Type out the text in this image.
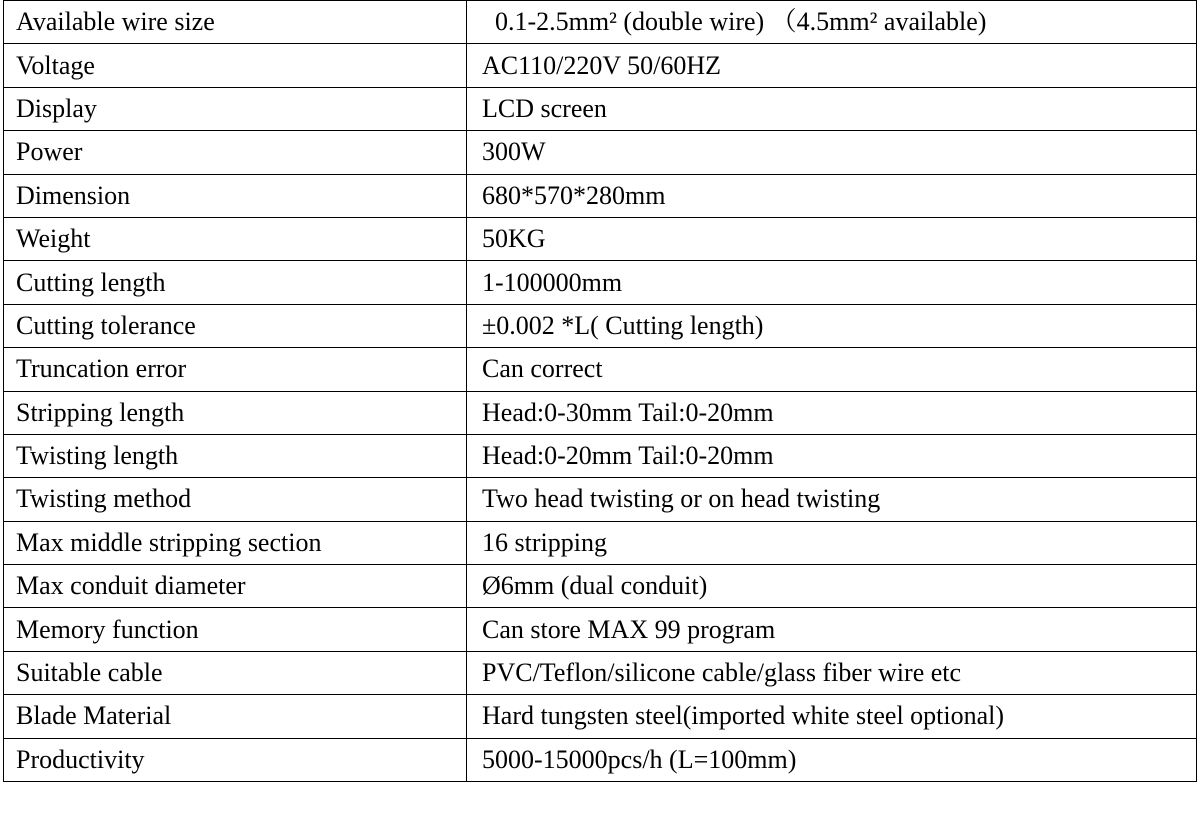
Available wire size	0.1-2.5mm² (double wire) （4.5mm² available)
Voltage	AC110/220V 50/60HZ
Display	LCD screen
Power	300W
Dimension	680*570*280mm
Weight	50KG
Cutting length	1-100000mm
Cutting tolerance	±0.002 *L( Cutting length)
Truncation error	Can correct
Stripping length	Head:0-30mm Tail:0-20mm
Twisting length	Head:0-20mm Tail:0-20mm
Twisting method	Two head twisting or on head twisting
Max middle stripping section	16 stripping
Max conduit diameter	Ø6mm (dual conduit)
Memory function	Can store MAX 99 program
Suitable cable	PVC/Teflon/silicone cable/glass fiber wire etc
Blade Material	Hard tungsten steel(imported white steel optional)
Productivity	5000-15000pcs/h (L=100mm)
